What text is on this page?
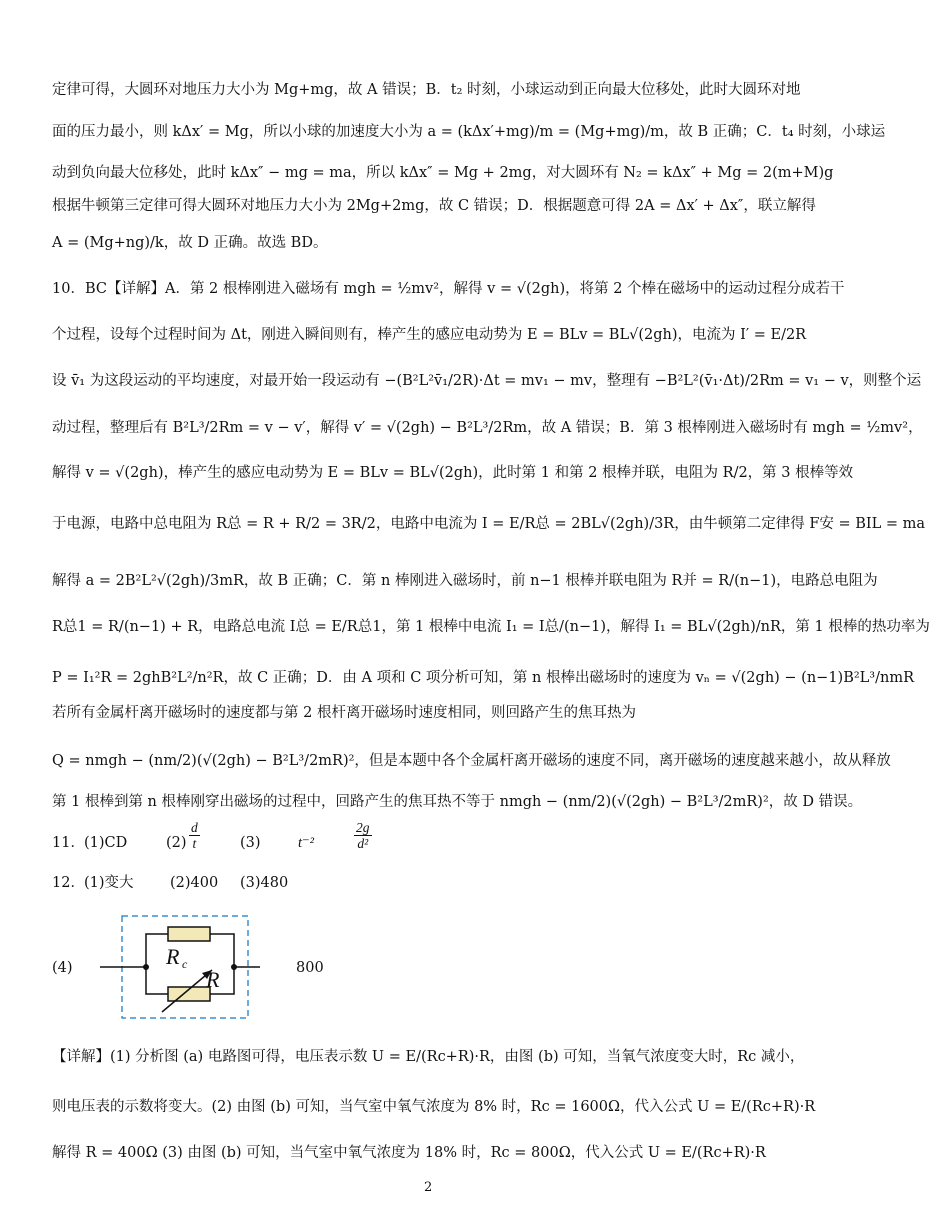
定律可得，大圆环对地压力大小为 Mg+mg，故 A 错误；B．t₂ 时刻，小球运动到正向最大位移处，此时大圆环对地
面的压力最小，则 kΔx′ = Mg，所以小球的加速度大小为 a = (kΔx′+mg)/m = (Mg+mg)/m，故 B 正确；C．t₄ 时刻，小球运
动到负向最大位移处，此时 kΔx″ − mg = ma，所以 kΔx″ = Mg + 2mg，对大圆环有 N₂ = kΔx″ + Mg = 2(m+M)g
根据牛顿第三定律可得大圆环对地压力大小为 2Mg+2mg，故 C 错误；D．根据题意可得 2A = Δx′ + Δx″，联立解得
A = (Mg+ng)/k，故 D 正确。故选 BD。
10．BC【详解】A．第 2 根棒刚进入磁场有 mgh = ½mv²，解得 v = √(2gh)，将第 2 个棒在磁场中的运动过程分成若干
个过程，设每个过程时间为 Δt，刚进入瞬间则有，棒产生的感应电动势为 E = BLv = BL√(2gh)，电流为 I′ = E/2R
设 v̄₁ 为这段运动的平均速度，对最开始一段运动有 −(B²L²v̄₁/2R)·Δt = mv₁ − mv，整理有 −B²L²(v̄₁·Δt)/2Rm = v₁ − v，则整个运
动过程，整理后有 B²L³/2Rm = v − v′，解得 v′ = √(2gh) − B²L³/2Rm，故 A 错误；B．第 3 根棒刚进入磁场时有 mgh = ½mv²，
解得 v = √(2gh)，棒产生的感应电动势为 E = BLv = BL√(2gh)，此时第 1 和第 2 根棒并联，电阻为 R/2，第 3 根棒等效
于电源，电路中总电阻为 R总 = R + R/2 = 3R/2，电路中电流为 I = E/R总 = 2BL√(2gh)/3R，由牛顿第二定律得 F安 = BIL = ma
解得 a = 2B²L²√(2gh)/3mR，故 B 正确；C．第 n 棒刚进入磁场时，前 n−1 根棒并联电阻为 R并 = R/(n−1)，电路总电阻为
R总1 = R/(n−1) + R，电路总电流 I总 = E/R总1，第 1 根棒中电流 I₁ = I总/(n−1)，解得 I₁ = BL√(2gh)/nR，第 1 根棒的热功率为
P = I₁²R = 2ghB²L²/n²R，故 C 正确；D．由 A 项和 C 项分析可知，第 n 根棒出磁场时的速度为 vₙ = √(2gh) − (n−1)B²L³/nmR
若所有金属杆离开磁场时的速度都与第 2 根杆离开磁场时速度相同，则回路产生的焦耳热为
Q = nmgh − (nm/2)(√(2gh) − B²L³/2mR)²，但是本题中各个金属杆离开磁场的速度不同，离开磁场的速度越来越小，故从释放
第 1 根棒到第 n 根棒刚穿出磁场的过程中，回路产生的焦耳热不等于 nmgh − (nm/2)(√(2gh) − B²L³/2mR)²，故 D 错误。
11． (1)CD	$(2) \frac{d}{t}$	(3)	t⁻²	$\frac{2g}{\text{d²}}$
12． (1)变大	(2)400 (3)480
(4)	800
R c
R
【详解】(1) 分析图 (a) 电路图可得，电压表示数 U = E/(Rc+R)·R，由图 (b) 可知，当氧气浓度变大时，Rc 减小，
则电压表的示数将变大。(2) 由图 (b) 可知，当气室中氧气浓度为 8% 时，Rc = 1600Ω，代入公式 U = E/(Rc+R)·R
解得 R = 400Ω (3) 由图 (b) 可知，当气室中氧气浓度为 18% 时，Rc = 800Ω，代入公式 U = E/(Rc+R)·R
2
